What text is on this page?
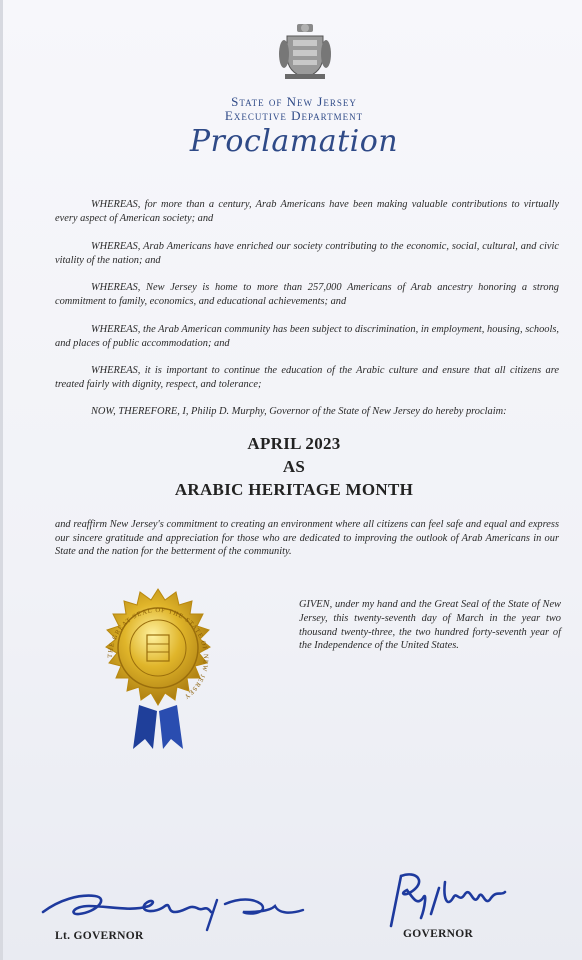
State of New Jersey
Executive Department
Proclamation
WHEREAS, for more than a century, Arab Americans have been making valuable contributions to virtually every aspect of American society; and
WHEREAS, Arab Americans have enriched our society contributing to the economic, social, cultural, and civic vitality of the nation; and
WHEREAS, New Jersey is home to more than 257,000 Americans of Arab ancestry honoring a strong commitment to family, economics, and educational achievements; and
WHEREAS, the Arab American community has been subject to discrimination, in employment, housing, schools, and places of public accommodation; and
WHEREAS, it is important to continue the education of the Arabic culture and ensure that all citizens are treated fairly with dignity, respect, and tolerance;
NOW, THEREFORE, I, Philip D. Murphy, Governor of the State of New Jersey do hereby proclaim:
APRIL 2023
AS
ARABIC HERITAGE MONTH
and reaffirm New Jersey's commitment to creating an environment where all citizens can feel safe and equal and express our sincere gratitude and appreciation for those who are dedicated to improving the outlook of Arab Americans in our State and the nation for the betterment of the community.
THE GREAT SEAL OF THE STATE OF NEW JERSEY
GIVEN, under my hand and the Great Seal of the State of New Jersey, this twenty-seventh day of March in the year two thousand twenty-three, the two hundred forty-seventh year of the Independence of the United States.
Lt. GOVERNOR	GOVERNOR
